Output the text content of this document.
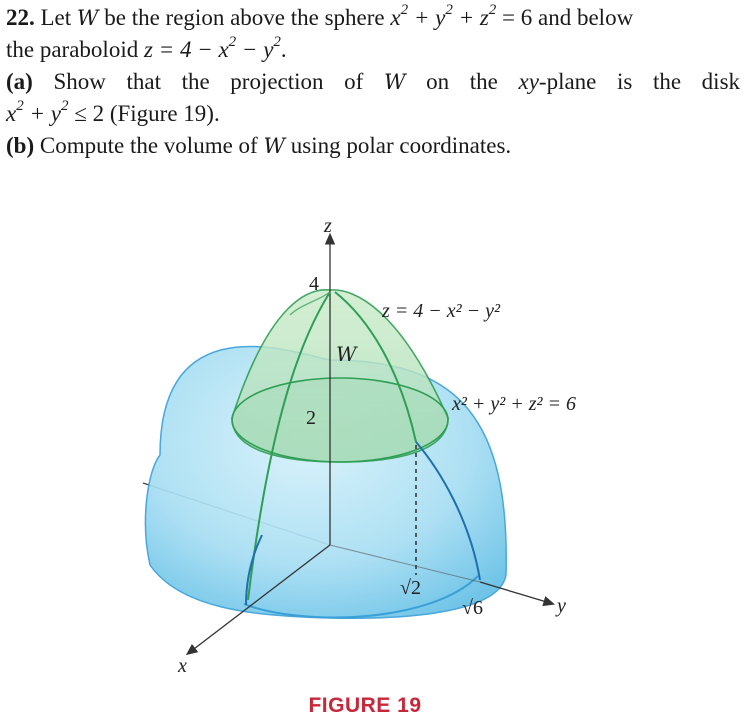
22. Let W be the region above the sphere $x^2 + y^2 + z^2 = 6$ and below

the paraboloid $z = 4 - x^2 - y^2$.

(a) Show that the projection of W on the xy-plane is the disk

$x^2 + y^2 \le 2$ (Figure 19).

(b) Compute the volume of W using polar coordinates.

z
4
2
W
z = 4 − x² − y²
x² + y² + z² = 6
√2
√6	y
x
FIGURE 19
